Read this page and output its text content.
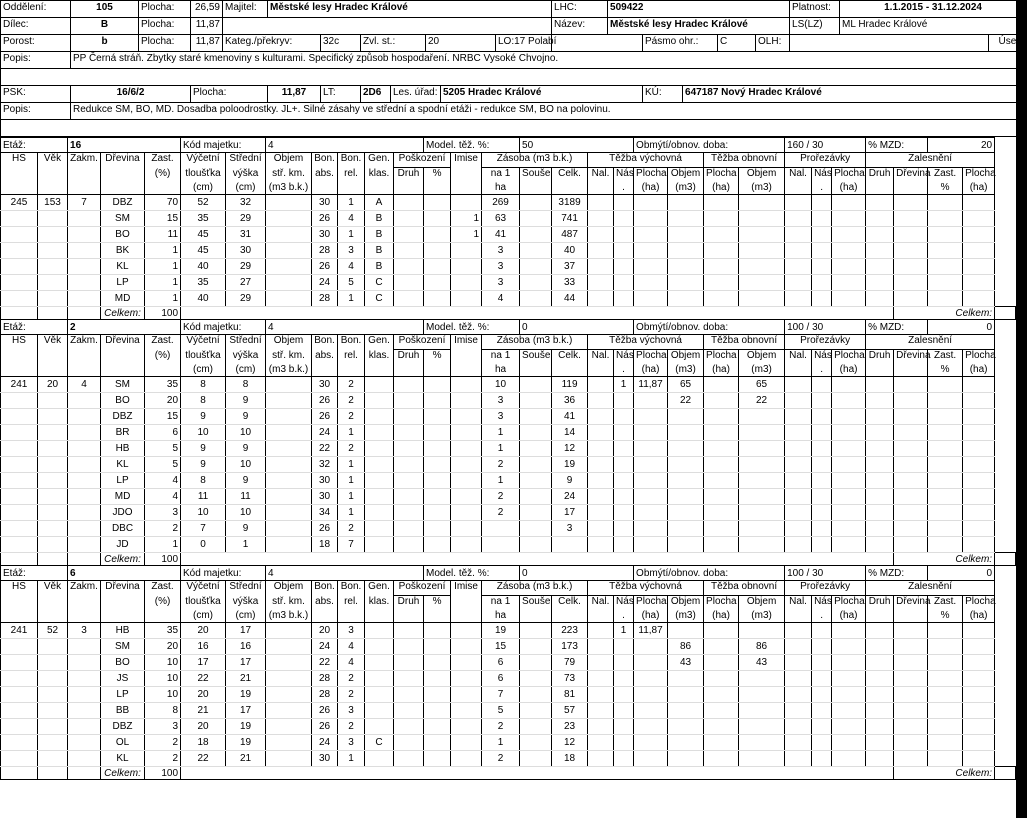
Oddělení:	105	Plocha:	26,59	Majitel:	Městské lesy Hradec Králové							LHC:	509422					Platnost:	1.1.2015 - 31.12.2024		
Dílec:	B	Plocha:	11,87									Název:	Městské lesy Hradec Králové					LS(LZ)	ML Hradec Králové		
Porost:	b	Plocha:	11,87	Kateg./překryv:		32c	Zvl. st.:		20		LO:17 Polabí			Pásmo ohr.:		C	OLH:			Úsek:	
Popis:	PP Černá stráň. Zbytky staré kmenoviny s kulturami. Specifický způsob hospodaření. NRBC Vysoké Chvojno.																				

PSK:	16/6/2		Plocha:		11,87	LT:	2D6	Les. úřad:		5205 Hradec Králové				KÚ:	647187 Nový Hradec Králové						
Popis:	Redukce SM, BO, MD. Dosadba poloodrostky. JL+. Silné zásahy ve střední a spodní etáži - redukce SM, BO na polovinu.																				

Etáž:		16			Kód majetku:		4					Model. těž. %:			50				Obmýtí/obnov. doba:				160 / 30			% MZD:		20		
HS	Věk	Zakm.	Dřevina	Zast.	Výčetní	Střední	Objem	Bon.	Bon.	Gen.	Poškození		Imise	Zásoba (m3 b.k.)			Těžba výchovná				Těžba obnovní		Prořezávky			Zalesnění				
				(%)	tloušťka	výška	stř. km.	abs.	rel.	klas.	Druh	%		na 1	Souše	Celk.	Nal.	Nás	Plocha	Objem	Plocha	Objem	Nal.	Nás	Plocha	Druh	Dřevina	Zast.	Plocha	
					(cm)	(cm)	(m3 b.k.)							ha				.	(ha)	(m3)	(ha)	(m3)		.	(ha)			%	(ha)	
245	153	7	DBZ	70	52	32		30	1	A				269		3189														
			SM	15	35	29		26	4	B			1	63		741														
			BO	11	45	31		30	1	B			1	41		487														
			BK	1	45	30		28	3	B				3		40														
			KL	1	40	29		26	4	B				3		37														
			LP	1	35	27		24	5	C				3		33														
			MD	1	40	29		28	1	C				4		44														
			Celkem:	100																							Celkem:			
Etáž:		2			Kód majetku:		4					Model. těž. %:			0				Obmýtí/obnov. doba:				100 / 30			% MZD:		0		
HS	Věk	Zakm.	Dřevina	Zast.	Výčetní	Střední	Objem	Bon.	Bon.	Gen.	Poškození		Imise	Zásoba (m3 b.k.)			Těžba výchovná				Těžba obnovní		Prořezávky			Zalesnění				
				(%)	tloušťka	výška	stř. km.	abs.	rel.	klas.	Druh	%		na 1	Souše	Celk.	Nal.	Nás	Plocha	Objem	Plocha	Objem	Nal.	Nás	Plocha	Druh	Dřevina	Zast.	Plocha	
					(cm)	(cm)	(m3 b.k.)							ha				.	(ha)	(m3)	(ha)	(m3)		.	(ha)			%	(ha)	
241	20	4	SM	35	8	8		30	2					10		119		1	11,87	65		65								
			BO	20	8	9		26	2					3		36				22		22								
			DBZ	15	9	9		26	2					3		41														
			BR	6	10	10		24	1					1		14														
			HB	5	9	9		22	2					1		12														
			KL	5	9	10		32	1					2		19														
			LP	4	8	9		30	1					1		9														
			MD	4	11	11		30	1					2		24														
			JDO	3	10	10		34	1					2		17														
			DBC	2	7	9		26	2							3														
			JD	1	0	1		18	7																					
			Celkem:	100																							Celkem:			
Etáž:		6			Kód majetku:		4					Model. těž. %:			0				Obmýtí/obnov. doba:				100 / 30			% MZD:		0		
HS	Věk	Zakm.	Dřevina	Zast.	Výčetní	Střední	Objem	Bon.	Bon.	Gen.	Poškození		Imise	Zásoba (m3 b.k.)			Těžba výchovná				Těžba obnovní		Prořezávky			Zalesnění				
				(%)	tloušťka	výška	stř. km.	abs.	rel.	klas.	Druh	%		na 1	Souše	Celk.	Nal.	Nás	Plocha	Objem	Plocha	Objem	Nal.	Nás	Plocha	Druh	Dřevina	Zast.	Plocha	
					(cm)	(cm)	(m3 b.k.)							ha				.	(ha)	(m3)	(ha)	(m3)		.	(ha)			%	(ha)	
241	52	3	HB	35	20	17		20	3					19		223		1	11,87											
			SM	20	16	16		24	4					15		173				86		86								
			BO	10	17	17		22	4					6		79				43		43								
			JS	10	22	21		28	2					6		73														
			LP	10	20	19		28	2					7		81														
			BB	8	21	17		26	3					5		57														
			DBZ	3	20	19		26	2					2		23														
			OL	2	18	19		24	3	C				1		12														
			KL	2	22	21		30	1					2		18														
			Celkem:	100																							Celkem:			
